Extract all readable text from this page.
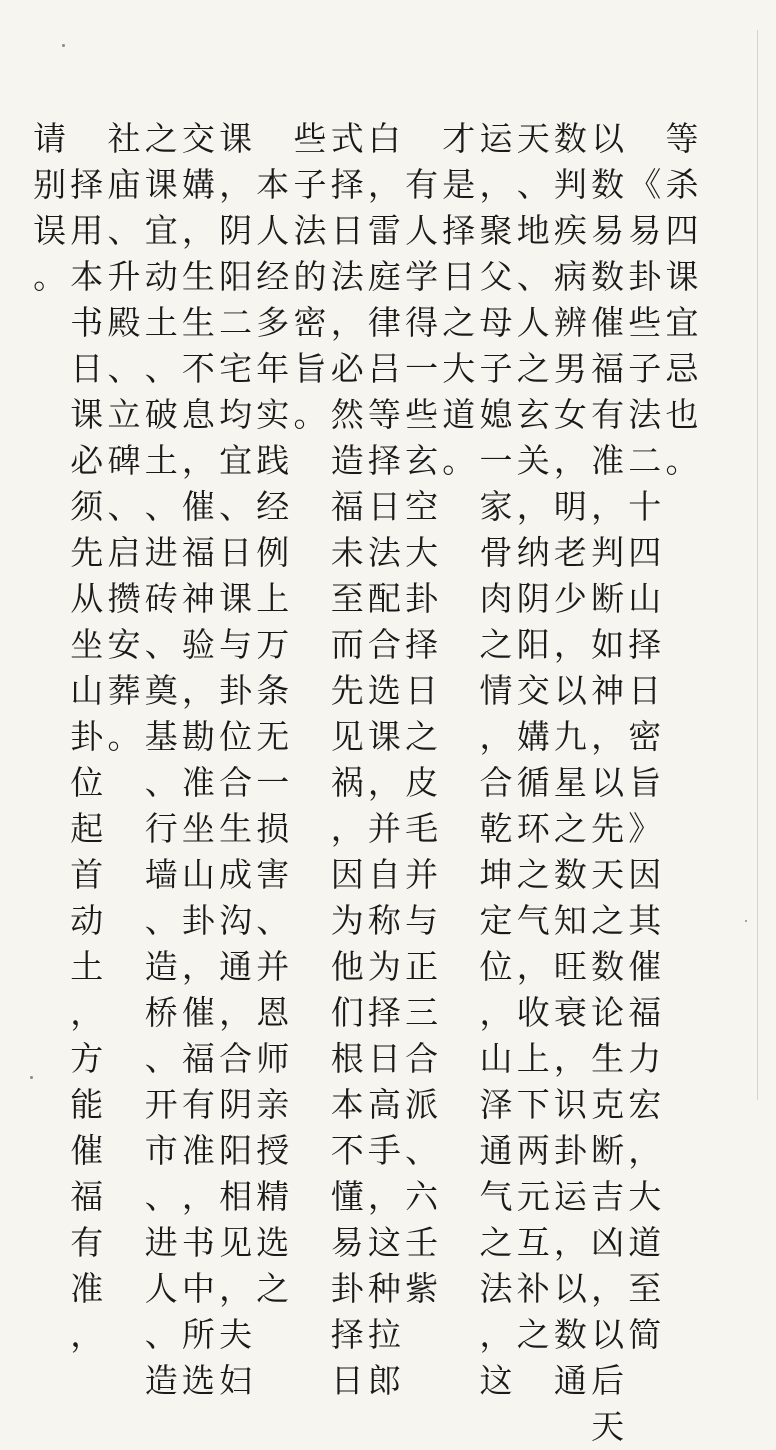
等
杀
四
课
宜
忌
也
。
《
易
卦
些
子
法
二
十
四
山
择
日
密
旨
》
因
其
催
福
力
宏
，
大
道
至
简
以
数
易
数
催
福
有
准
，
判
断
如
神
，
以
先
天
之
数
论
生
克
断
吉
凶
，
以
后
天
数
判
疾
病
辨
男
女
，
明
老
少
，
以
九
星
之
数
知
旺
衰
，
识
卦
运
，
以
数
通
天
、
地
、
人
之
玄
关
，
纳
阴
阳
交
媾
循
环
之
气
，
收
上
下
两
元
互
补
之
运
，
聚
父
母
子
媳
一
家
骨
肉
之
情
，
合
乾
坤
定
位
，
山
泽
通
气
之
法
，
这
才
是
择
日
之
大
道
。
有
人
学
得
一
些
玄
空
大
卦
择
日
之
皮
毛
并
与
正
三
合
派
、
六
壬
紫
白
，
雷
庭
律
吕
等
择
日
法
配
合
选
课
，
并
自
称
为
择
日
高
手
，
这
种
拉
郎
式
择
日
法
，
必
然
造
福
未
至
而
先
见
祸
，
因
为
他
们
根
本
不
懂
易
卦
择
日
些
子
法
的
密
旨
。
本
人
经
多
年
实
践
经
例
上
万
条
无
一
损
害
、
并
恩
师
亲
授
精
选
之
课
，
阴
阳
二
宅
均
宜
、
日
课
与
卦
位
合
生
成
沟
通
，
合
阴
阳
相
见
，
夫
妇
交
媾
，
生
生
不
息
，
催
福
神
验
，
勘
准
坐
山
卦
，
催
福
有
准
，
书
中
所
选
之
课
宜
动
土
、
破
土
、
进
砖
、
奠
基
、
行
墙
、
造
桥
、
开
市
、
进
人
、
造
社
庙
、
升
殿
、
立
碑
、
启
攒
安
葬
。
择
用
本
书
日
课
必
须
先
从
坐
山
卦
位
起
首
动
土
，
方
能
催
福
有
准
，
请
别
误
。
